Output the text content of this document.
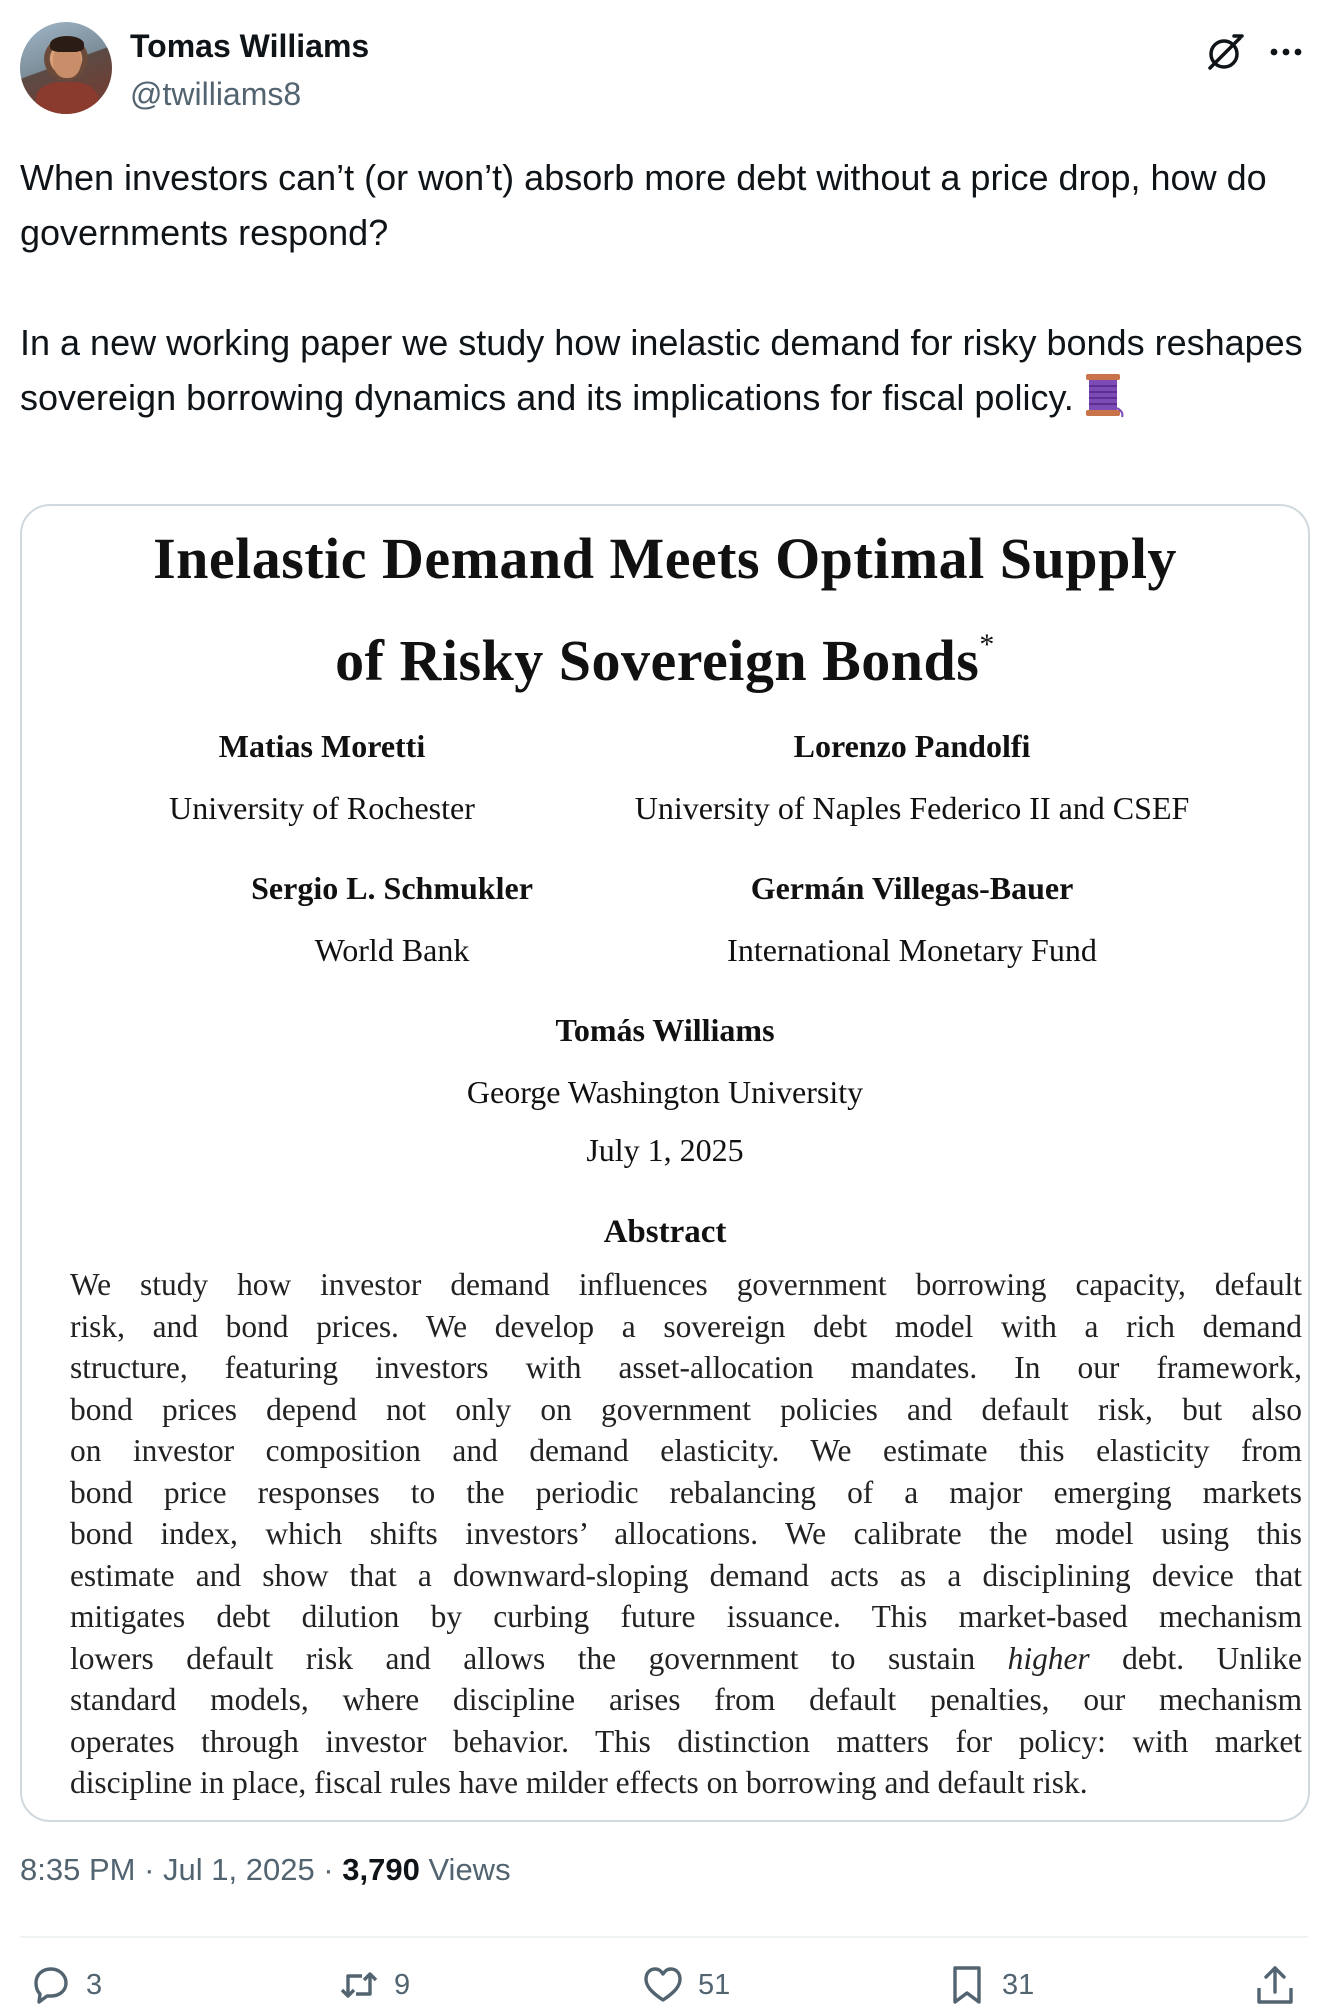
Tomas Williams
@twilliams8

When investors can’t (or won’t) absorb more debt without a price drop, how do governments respond?

In a new working paper we study how inelastic demand for risky bonds reshapes sovereign borrowing dynamics and its implications for fiscal policy.

Inelastic Demand Meets Optimal Supply
of Risky Sovereign Bonds*
Matias Moretti
University of Rochester
Lorenzo Pandolfi
University of Naples Federico II and CSEF
Sergio L. Schmukler
World Bank
Germán Villegas-Bauer
International Monetary Fund
Tomás Williams
George Washington University
July 1, 2025
Abstract
We study how investor demand influences government borrowing capacity, default
risk, and bond prices. We develop a sovereign debt model with a rich demand
structure, featuring investors with asset-allocation mandates. In our framework,
bond prices depend not only on government policies and default risk, but also
on investor composition and demand elasticity. We estimate this elasticity from
bond price responses to the periodic rebalancing of a major emerging markets
bond index, which shifts investors’ allocations. We calibrate the model using this
estimate and show that a downward-sloping demand acts as a disciplining device that
mitigates debt dilution by curbing future issuance. This market-based mechanism
lowers default risk and allows the government to sustain higher debt. Unlike
standard models, where discipline arises from default penalties, our mechanism
operates through investor behavior. This distinction matters for policy: with market
discipline in place, fiscal rules have milder effects on borrowing and default risk.
8:35 PM · Jul 1, 2025 · 3,790 Views
3	9	51	31
